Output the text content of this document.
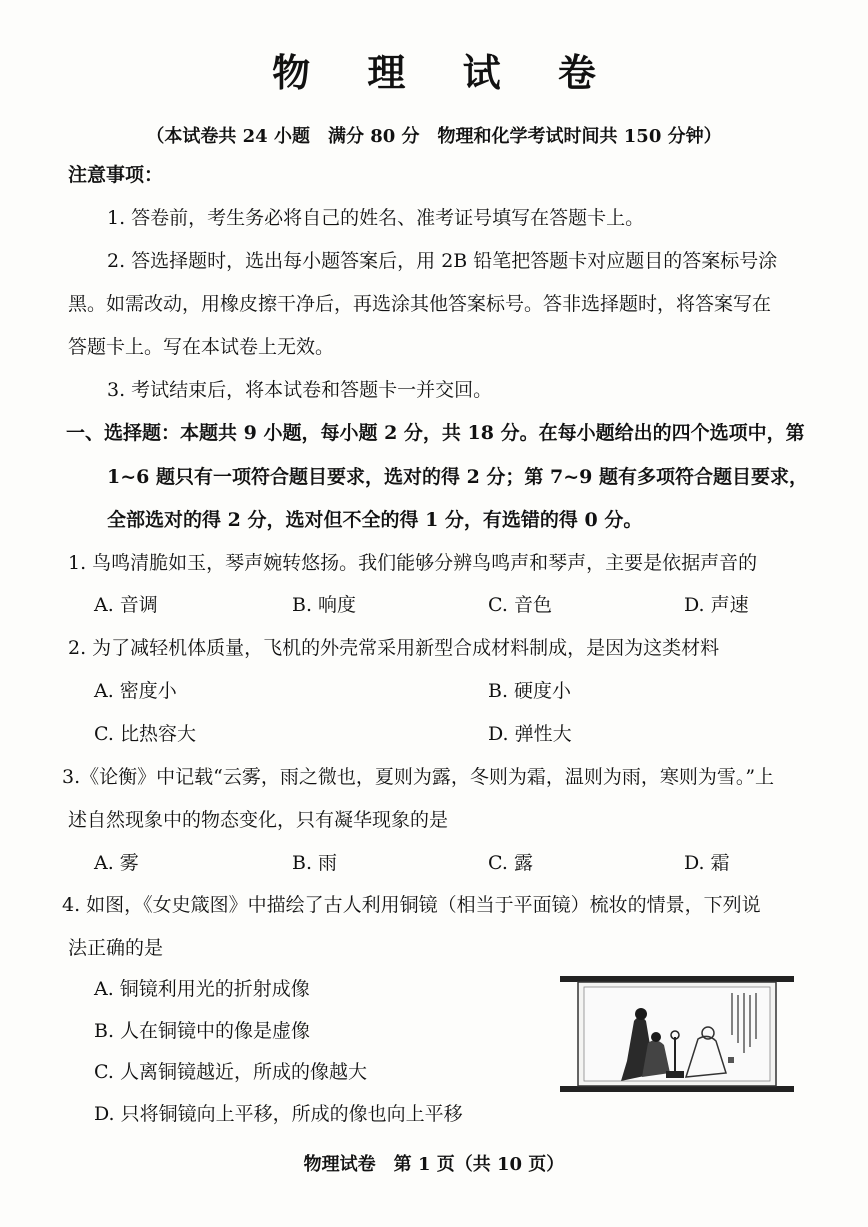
物 理 试 卷
（本试卷共 24 小题　满分 80 分　物理和化学考试时间共 150 分钟）
注意事项：
1. 答卷前，考生务必将自己的姓名、准考证号填写在答题卡上。
2. 答选择题时，选出每小题答案后，用 2B 铅笔把答题卡对应题目的答案标号涂
黑。如需改动，用橡皮擦干净后，再选涂其他答案标号。答非选择题时，将答案写在
答题卡上。写在本试卷上无效。
3. 考试结束后，将本试卷和答题卡一并交回。
一、选择题：本题共 9 小题，每小题 2 分，共 18 分。在每小题给出的四个选项中，第
1~6 题只有一项符合题目要求，选对的得 2 分；第 7~9 题有多项符合题目要求，
全部选对的得 2 分，选对但不全的得 1 分，有选错的得 0 分。
1. 鸟鸣清脆如玉，琴声婉转悠扬。我们能够分辨鸟鸣声和琴声，主要是依据声音的
A. 音调	B. 响度	C. 音色	D. 声速
2. 为了减轻机体质量，飞机的外壳常采用新型合成材料制成，是因为这类材料
A. 密度小	B. 硬度小
C. 比热容大	D. 弹性大
3.《论衡》中记载“云雾，雨之微也，夏则为露，冬则为霜，温则为雨，寒则为雪。”上
述自然现象中的物态变化，只有凝华现象的是
A. 雾	B. 雨	C. 露	D. 霜
4. 如图，《女史箴图》中描绘了古人利用铜镜（相当于平面镜）梳妆的情景，下列说
法正确的是
A. 铜镜利用光的折射成像
B. 人在铜镜中的像是虚像
C. 人离铜镜越近，所成的像越大
D. 只将铜镜向上平移，所成的像也向上平移
物理试卷　第 1 页（共 10 页）
